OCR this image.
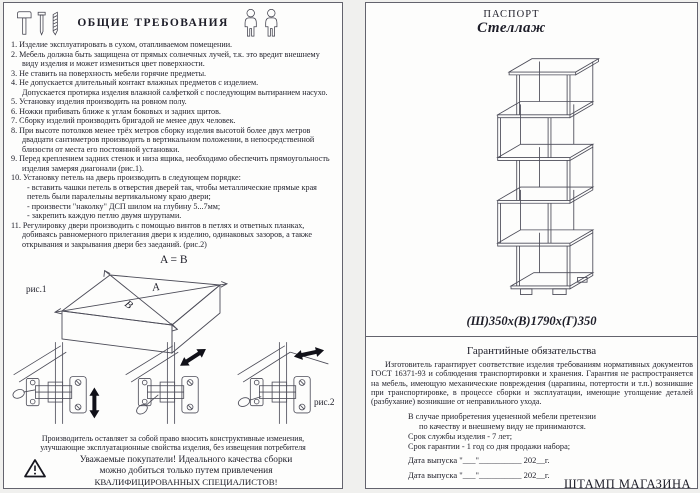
ОБЩИЕ ТРЕБОВАНИЯ
1. Изделие эксплуатировать в сухом, отапливаемом помещении.
2. Мебель должна быть защищена от прямых солнечных лучей, т.к. это вредит внешнему виду изделия и может измениться цвет поверхности.
3. Не ставить на поверхность мебели горячие предметы.
4. Не допускается длительный контакт влажных предметов с изделием.
Допускается протирка изделия влажной салфеткой с последующим вытиранием насухо.
5. Установку изделия производить на ровном полу.
6. Ножки прибивать ближе к углам боковых и задних щитов.
7. Сборку изделий производить бригадой не менее двух человек.
8. При высоте потолков менее трёх метров сборку изделия высотой более двух метров двадцати сантиметров производить в вертикальном положении, в непосредственной близости от места его постоянной установки.
9. Перед креплением задних стенок и низа ящика, необходимо обеспечить прямоугольность изделия замеряя диагонали (рис.1).
10. Установку петель на дверь производить в следующем порядке:
- вставить чашки петель в отверстия дверей так, чтобы металлические прямые края петель были паралельны вертикальному краю двери;
- произвести "наколку" ДСП шилом на глубину 5...7мм;
- закрепить каждую петлю двумя шурупами.
11. Регулировку двери производить с помощью винтов в петлях и ответных планках, добиваясь равномерного прилегания двери к изделию, одинаковых зазоров, а также открывания и закрывания двери без заеданий. (рис.2)
рис.1	A
B
A = B
рис.2
Производитель оставляет за собой право вносить конструктивные изменения,
улучшающие эксплуатационные свойства изделия, без извещения потребителя
Уважаемые покупатели! Идеального качества сборки
можно добиться только путем привлечения
КВАЛИФИЦИРОВАННЫХ СПЕЦИАЛИСТОВ!
ПАСПОРТ
Стеллаж
(Ш)350х(В)1790х(Г)350
Гарантийные обязательства
Изготовитель гарантирует соответствие изделия требованиям нормативных документов ГОСТ 16371-93 и соблюдения транспортировки и хранения. Гарантия не распространяется на мебель, имеющую механические повреждения (царапины, потертости и т.п.) возникшие при транспортировке, в процессе сборки и эксплуатации, имеющие утолщение деталей (разбухание) возникшие от неправильного ухода.
В случае приобретения уцененной мебели претензии
по качеству и внешнему виду не принимаются.
Срок службы изделия - 7 лет;
Срок гарантии - 1 год со дня продажи набора;
Дата выпуска "___"__________ 202__г.
Дата выпуска "___"__________ 202__г.
ШТАМП МАГАЗИНА
